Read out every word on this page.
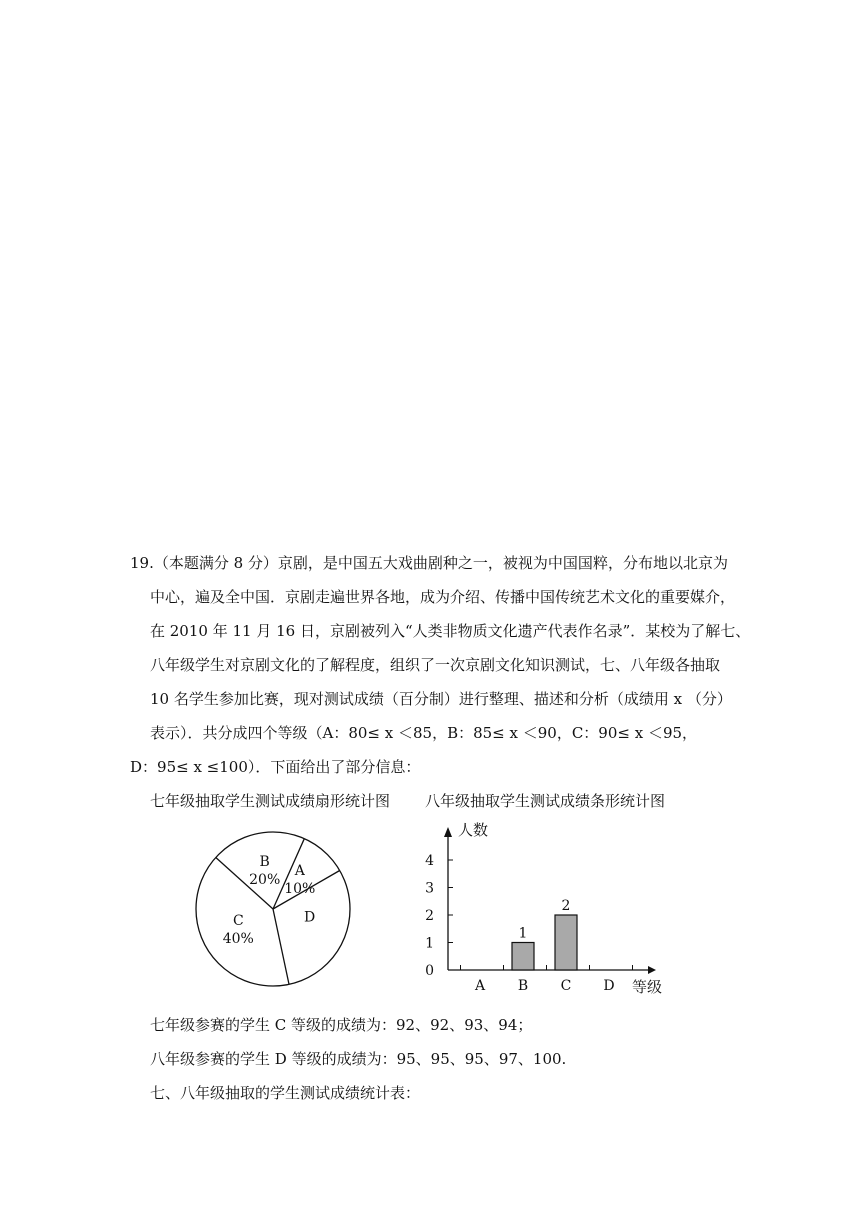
19.（本题满分 8 分）京剧，是中国五大戏曲剧种之一，被视为中国国粹，分布地以北京为
中心，遍及全中国．京剧走遍世界各地，成为介绍、传播中国传统艺术文化的重要媒介，
在 2010 年 11 月 16 日，京剧被列入“人类非物质文化遗产代表作名录”．某校为了解七、
八年级学生对京剧文化的了解程度，组织了一次京剧文化知识测试，七、八年级各抽取
10 名学生参加比赛，现对测试成绩（百分制）进行整理、描述和分析（成绩用 x （分）
表示）．共分成四个等级（A：80≤ x ＜85，B：85≤ x ＜90，C：90≤ x ＜95，
D：95≤ x ≤100）．下面给出了部分信息：
七年级抽取学生测试成绩扇形统计图 八年级抽取学生测试成绩条形统计图
C
40%
B
20%
A
10%
D
人数
等级
0
1
2
3
4
A B
1
C
2
D
七年级参赛的学生 C 等级的成绩为：92、92、93、94；
八年级参赛的学生 D 等级的成绩为：95、95、95、97、100.
七、八年级抽取的学生测试成绩统计表：
